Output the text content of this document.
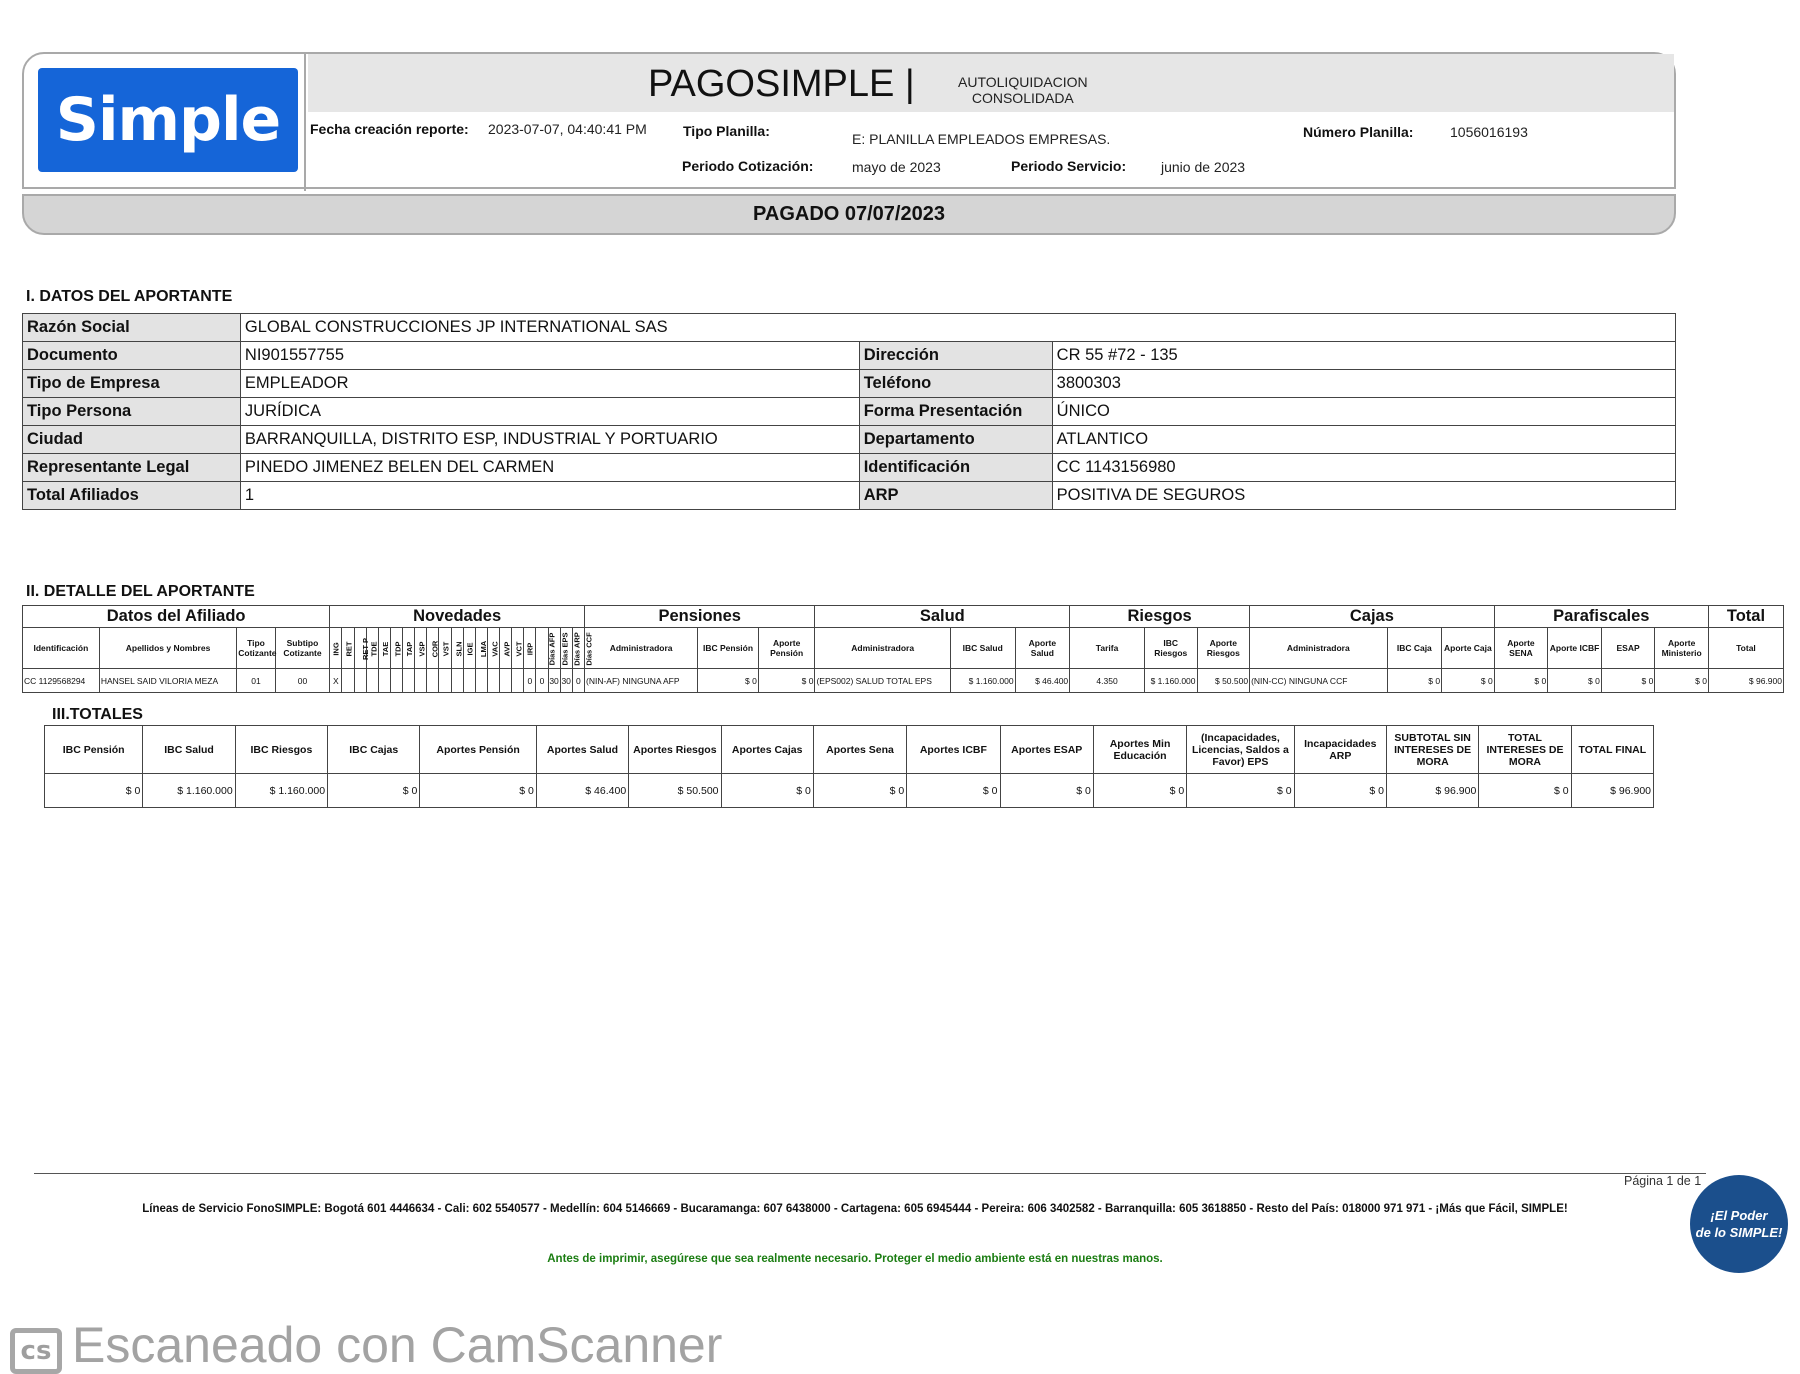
Simple
PAGOSIMPLE |	AUTOLIQUIDACION
CONSOLIDADA
Fecha creación reporte: 2023-07-07, 04:40:41 PM	Tipo Planilla:	E: PLANILLA EMPLEADOS EMPRESAS.	Número Planilla:	1056016193
Periodo Cotización:	mayo de 2023	Periodo Servicio: junio de 2023
PAGADO 07/07/2023
I. DATOS DEL APORTANTE
Razón Social	GLOBAL CONSTRUCCIONES JP INTERNATIONAL SAS		
Documento	NI901557755	Dirección	CR 55 #72 - 135
Tipo de Empresa	EMPLEADOR	Teléfono	3800303
Tipo Persona	JURÍDICA	Forma Presentación	ÚNICO
Ciudad	BARRANQUILLA, DISTRITO ESP, INDUSTRIAL Y PORTUARIO	Departamento	ATLANTICO
Representante Legal	PINEDO JIMENEZ BELEN DEL CARMEN	Identificación	CC 1143156980
Total Afiliados	1	ARP	POSITIVA DE SEGUROS
II. DETALLE DEL APORTANTE
Datos del Afiliado				Novedades																					Pensiones			Salud			Riesgos			Cajas			Parafiscales				Total
Identificación	Apellidos y Nombres	Tipo Cotizante	Subtipo Cotizante	ING	RET	RET P	TDE	TAE	TDP	TAP	VSP	COR	VST	SLN	IGE	LMA	VAC	AVP	VCT	IRP	Días AFP	Días EPS	Días ARP	Días CCF	Administradora	IBC Pensión	Aporte Pensión	Administradora	IBC Salud	Aporte Salud	Tarifa	IBC Riesgos	Aporte Riesgos	Administradora	IBC Caja	Aporte Caja	Aporte SENA	Aporte ICBF	ESAP	Aporte Ministerio	Total
CC 1129568294	HANSEL SAID VILORIA MEZA	01	00	X																0	0	30	30	0	(NIN-AF) NINGUNA AFP	$ 0	$ 0	(EPS002) SALUD TOTAL EPS	$ 1.160.000	$ 46.400	4.350	$ 1.160.000	$ 50.500	(NIN-CC) NINGUNA CCF	$ 0	$ 0	$ 0	$ 0	$ 0	$ 0	$ 96.900
III.TOTALES
IBC Pensión	IBC Salud	IBC Riesgos	IBC Cajas	Aportes Pensión	Aportes Salud	Aportes Riesgos	Aportes Cajas	Aportes Sena	Aportes ICBF	Aportes ESAP	Aportes Min Educación	(Incapacidades, Licencias, Saldos a Favor) EPS	Incapacidades ARP	SUBTOTAL SIN INTERESES DE MORA	TOTAL INTERESES DE MORA	TOTAL FINAL
$ 0	$ 1.160.000	$ 1.160.000	$ 0	$ 0	$ 46.400	$ 50.500	$ 0	$ 0	$ 0	$ 0	$ 0	$ 0	$ 0	$ 96.900	$ 0	$ 96.900
Página 1 de 1
Líneas de Servicio FonoSIMPLE: Bogotá 601 4446634 - Cali: 602 5540577 - Medellín: 604 5146669 - Bucaramanga: 607 6438000 - Cartagena: 605 6945444 - Pereira: 606 3402582 - Barranquilla: 605 3618850 - Resto del País: 018000 971 971 - ¡Más que Fácil, SIMPLE!
Antes de imprimir, asegúrese que sea realmente necesario. Proteger el medio ambiente está en nuestras manos.
¡El Poder
de lo SIMPLE!
cs Escaneado con CamScanner
